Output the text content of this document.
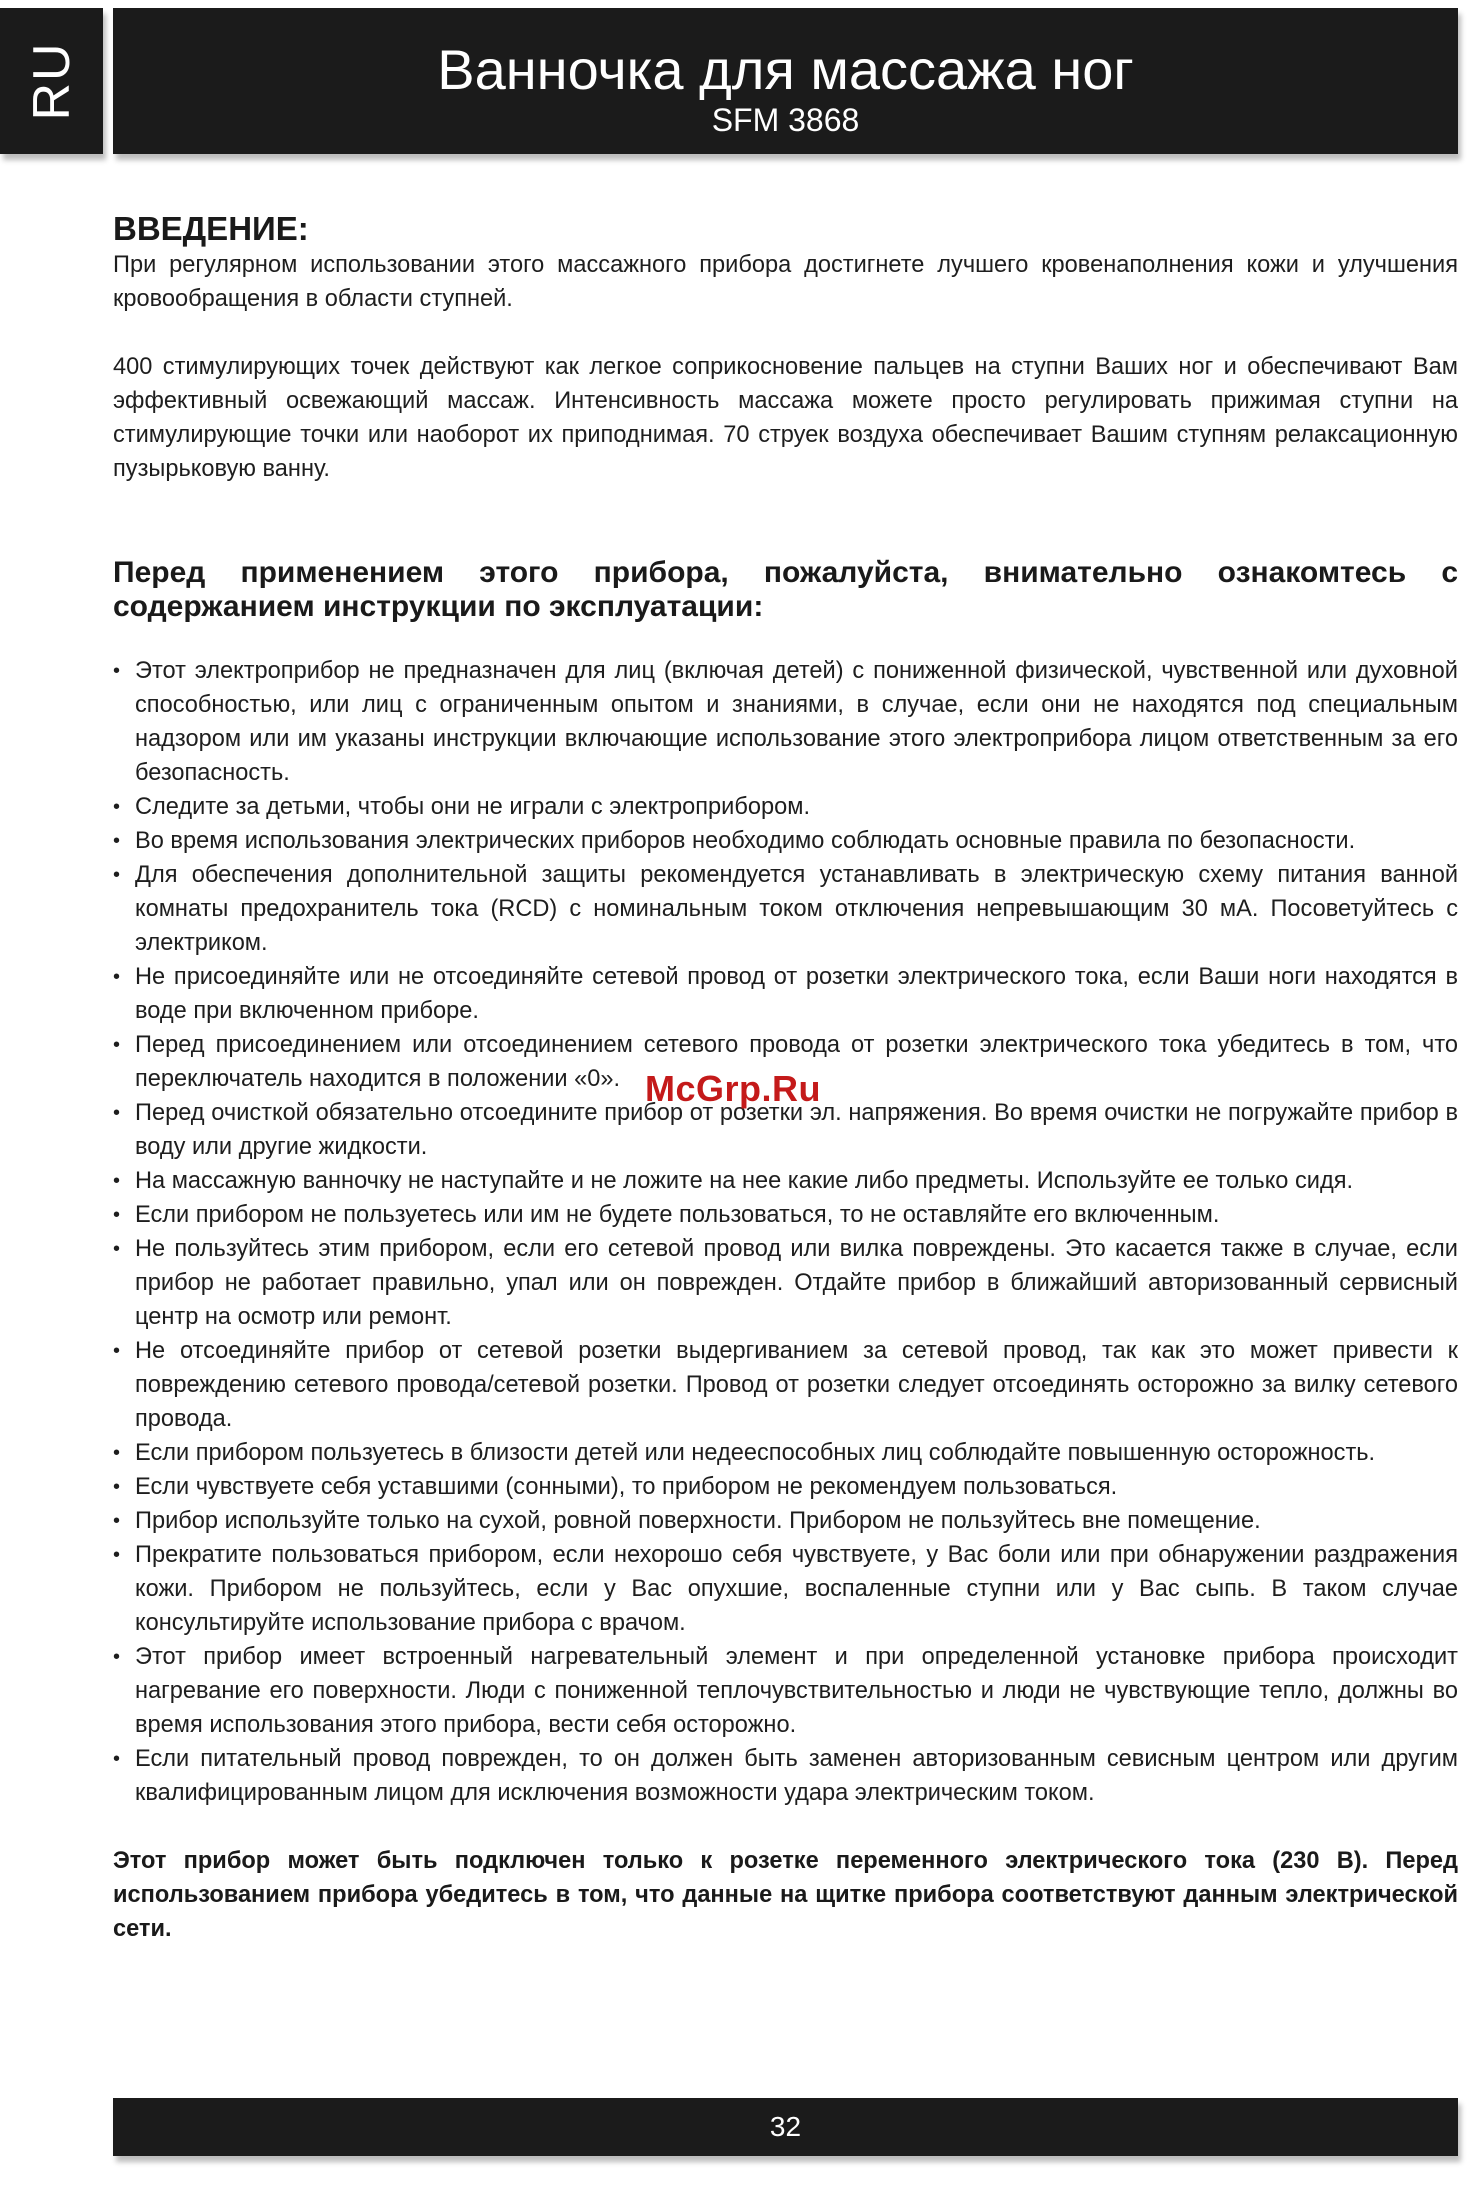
RU	Ванночка для массажа ног
SFM 3868

ВВЕДЕНИЕ:

При регулярном использовании этого массажного прибора достигнете лучшего кровенаполнения кожи и улучшения кровообращения в области ступней.

400 стимулирующих точек действуют как легкое соприкосновение пальцев на ступни Ваших ног и обеспечивают Вам эффективный освежающий массаж. Интенсивность массажа можете просто регулировать прижимая ступни на стимулирующие точки или наоборот их приподнимая. 70 струек воздуха обеспечивает Вашим ступням релаксационную пузырьковую ванну.

Перед применением этого прибора, пожалуйста, внимательно ознакомтесь с содержанием инструкции по эксплуатации:

• Этот электроприбор не предназначен для лиц (включая детей) с пониженной физической, чувственной или духовной способностью, или лиц с ограниченным опытом и знаниями, в случае, если они не находятся под специальным надзором или им указаны инструкции включающие использование этого электроприбора лицом ответственным за его безопасность.
• Следите за детьми, чтобы они не играли с электроприбором.
• Во время использования электрических приборов необходимо соблюдать основные правила по безопасности.
• Для обеспечения дополнительной защиты рекомендуется устанавливать в электрическую схему питания ванной комнаты предохранитель тока (RCD) с номинальным током отключения непревышающим 30 мА. Посоветуйтесь с электриком.
• Не присоединяйте или не отсоединяйте сетевой провод от розетки электрического тока, если Ваши ноги находятся в воде при включенном приборе.
• Перед присоединением или отсоединением сетевого провода от розетки электрического тока убедитесь в том, что переключатель находится в положении «0».
• Перед очисткой обязательно отсоедините прибор от розетки эл. напряжения. Во время очистки не погружайте прибор в воду или другие жидкости.
• На массажную ванночку не наступайте и не ложите на нее какие либо предметы. Используйте ее только сидя.
• Если прибором не пользуетесь или им не будете пользоваться, то не оставляйте его включенным.
• Не пользуйтесь этим прибором, если его сетевой провод или вилка повреждены. Это касается также в случае, если прибор не работает правильно, упал или он поврежден. Отдайте прибор в ближайший авторизованный сервисный центр на осмотр или ремонт.
• Не отсоединяйте прибор от сетевой розетки выдергиванием за сетевой провод, так как это может привести к повреждению сетевого провода/сетевой розетки. Провод от розетки следует отсоединять осторожно за вилку сетевого провода.
• Если прибором пользуетесь в близости детей или недееспособных лиц соблюдайте повышенную осторожность.
• Если чувствуете себя уставшими (сонными), то прибором не рекомендуем пользоваться.
• Прибор используйте только на сухой, ровной поверхности. Прибором не пользуйтесь вне помещение.
• Прекратите пользоваться прибором, если нехорошо себя чувствуете, у Вас боли или при обнаружении раздражения кожи. Прибором не пользуйтесь, если у Вас опухшие, воспаленные ступни или у Вас сыпь. В таком случае консультируйте использование прибора с врачом.
• Этот прибор имеет встроенный нагревательный элемент и при определенной установке прибора происходит нагревание его поверхности. Люди с пониженной теплочувствительностью и люди не чувствующие тепло, должны во время использования этого прибора, вести себя осторожно.
• Если питательный провод поврежден, то он должен быть заменен авторизованным севисным центром или другим квалифицированным лицом для исключения возможности удара электрическим током.

Этот прибор может быть подключен только к розетке переменного электрического тока (230 В). Перед использованием прибора убедитесь в том, что данные на щитке прибора соответствуют данным электрической сети.

McGrp.Ru
32
